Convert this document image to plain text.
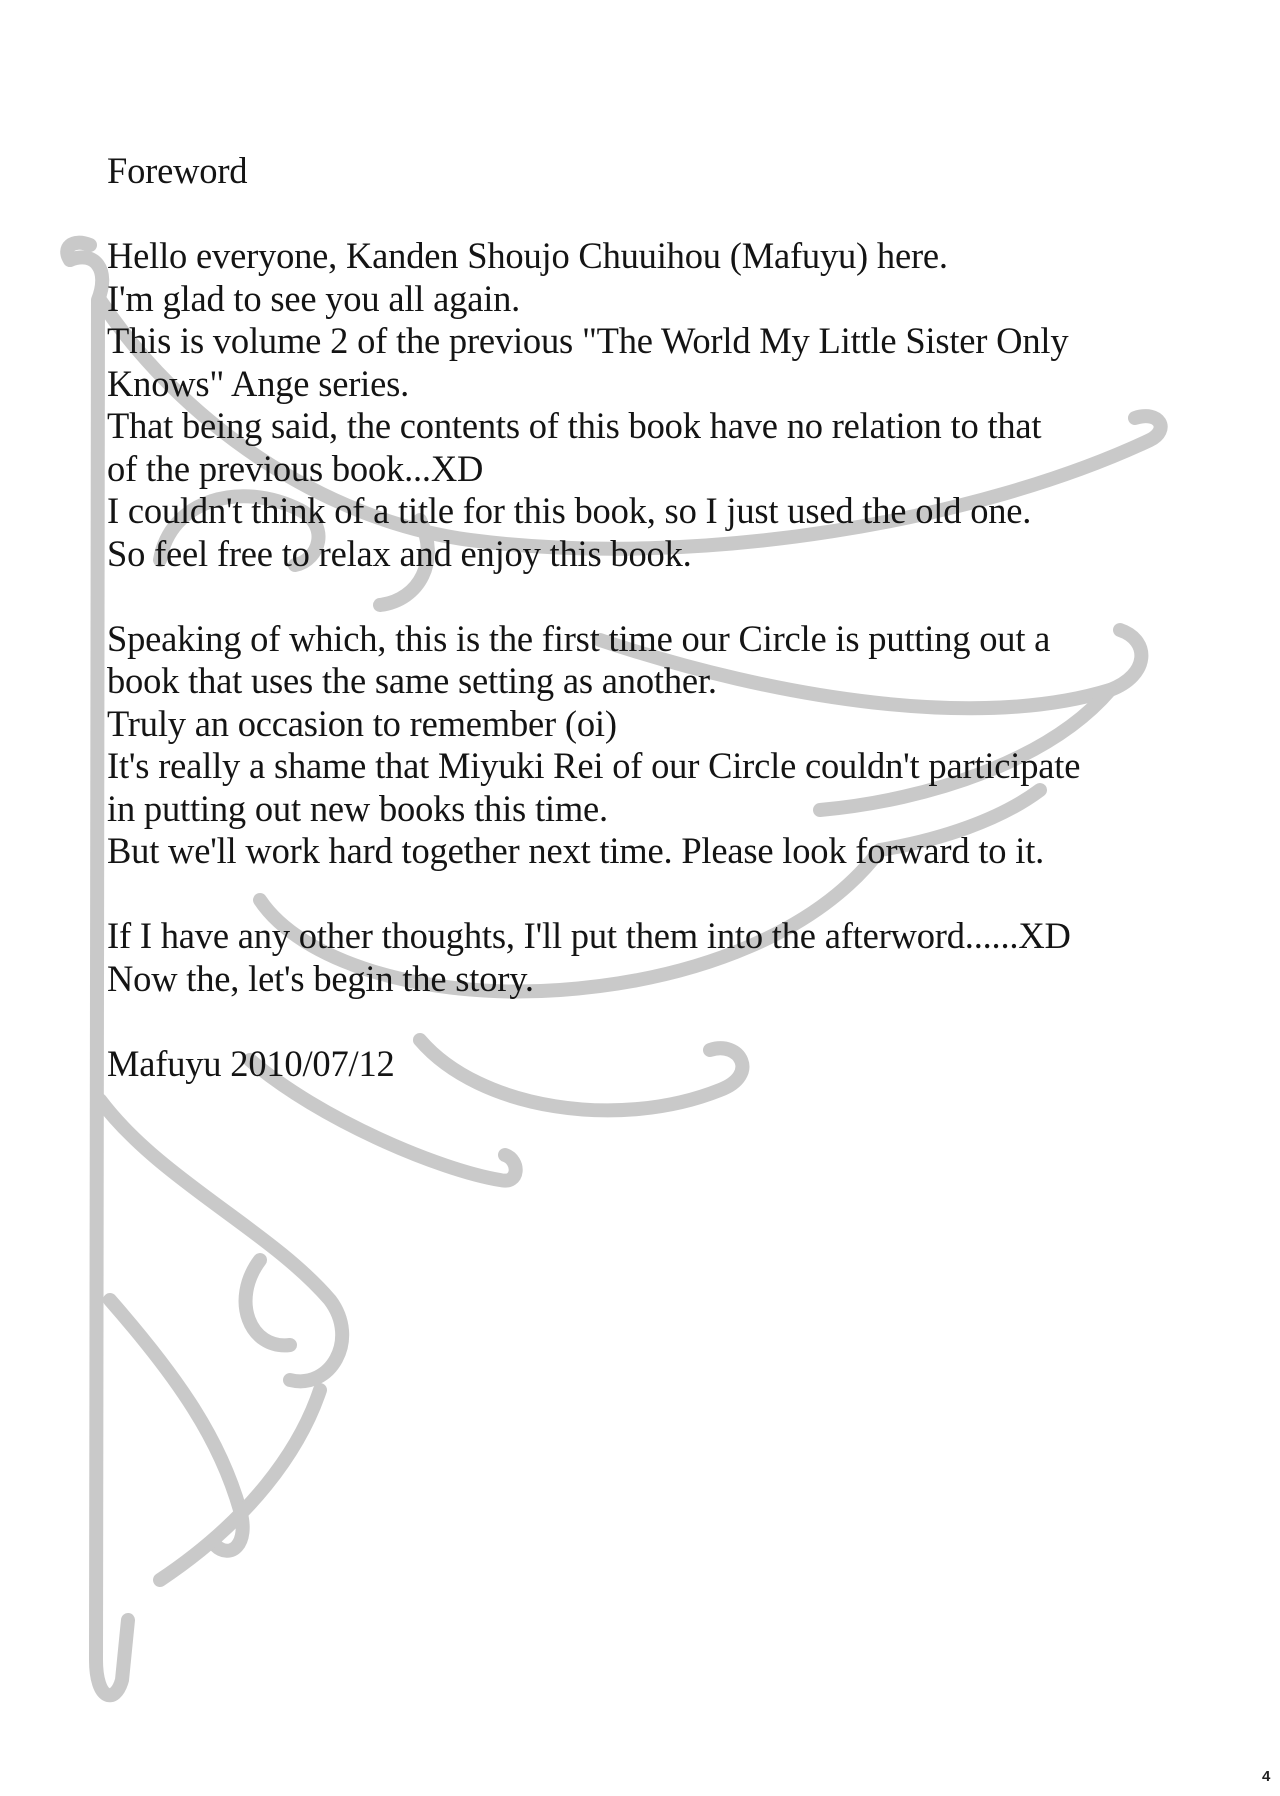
Foreword

Hello everyone, Kanden Shoujo Chuuihou (Mafuyu) here.

I'm glad to see you all again.

This is volume 2 of the previous "The World My Little Sister Only

Knows" Ange series.

That being said, the contents of this book have no relation to that

of the previous book...XD

I couldn't think of a title for this book, so I just used the old one.

So feel free to relax and enjoy this book.

Speaking of which, this is the first time our Circle is putting out a

book that uses the same setting as another.

Truly an occasion to remember (oi)

It's really a shame that Miyuki Rei of our Circle couldn't participate

in putting out new books this time.

But we'll work hard together next time. Please look forward to it.

If I have any other thoughts, I'll put them into the afterword......XD

Now the, let's begin the story.

Mafuyu 2010/07/12

4
